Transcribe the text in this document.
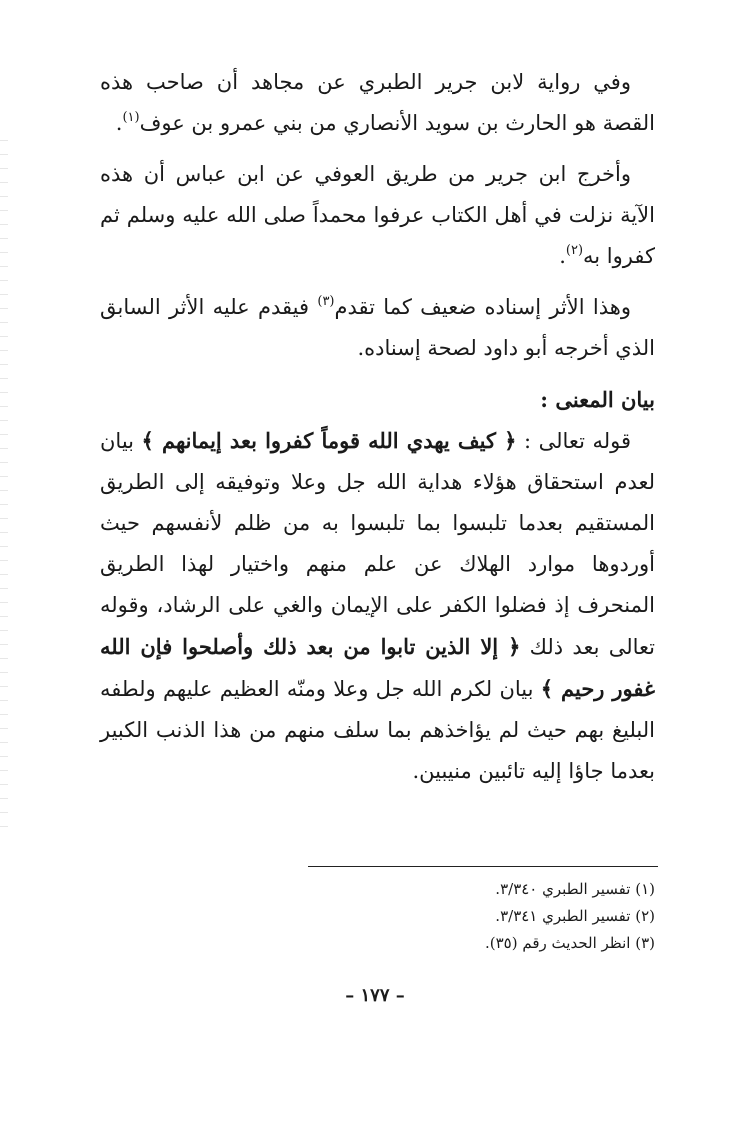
وفي رواية لابن جرير الطبري عن مجاهد أن صاحب هذه القصة هو الحارث بن سويد الأنصاري من بني عمرو بن عوف$^{(١)}$.

وأخرج ابن جرير من طريق العوفي عن ابن عباس أن هذه الآية نزلت في أهل الكتاب عرفوا محمداً صلى الله عليه وسلم ثم كفروا به$^{(٢)}$.

وهذا الأثر إسناده ضعيف كما تقدم$^{(٣)}$ فيقدم عليه الأثر السابق الذي أخرجه أبو داود لصحة إسناده.

بيان المعنى :

قوله تعالى : ﴿ كيف يهدي الله قوماً كفروا بعد إيمانهم ﴾ بيان لعدم استحقاق هؤلاء هداية الله جل وعلا وتوفيقه إلى الطريق المستقيم بعدما تلبسوا بما تلبسوا به من ظلم لأنفسهم حيث أوردوها موارد الهلاك عن علم منهم واختيار لهذا الطريق المنحرف إذ فضلوا الكفر على الإيمان والغي على الرشاد، وقوله تعالى بعد ذلك ﴿ إلا الذين تابوا من بعد ذلك وأصلحوا فإن الله غفور رحيم ﴾ بيان لكرم الله جل وعلا ومنّه العظيم عليهم ولطفه البليغ بهم حيث لم يؤاخذهم بما سلف منهم من هذا الذنب الكبير بعدما جاؤا إليه تائبين منيبين.

(١) تفسير الطبري ٣/٣٤٠.
(٢) تفسير الطبري ٣/٣٤١.
(٣) انظر الحديث رقم (٣٥).
– ١٧٧ –
